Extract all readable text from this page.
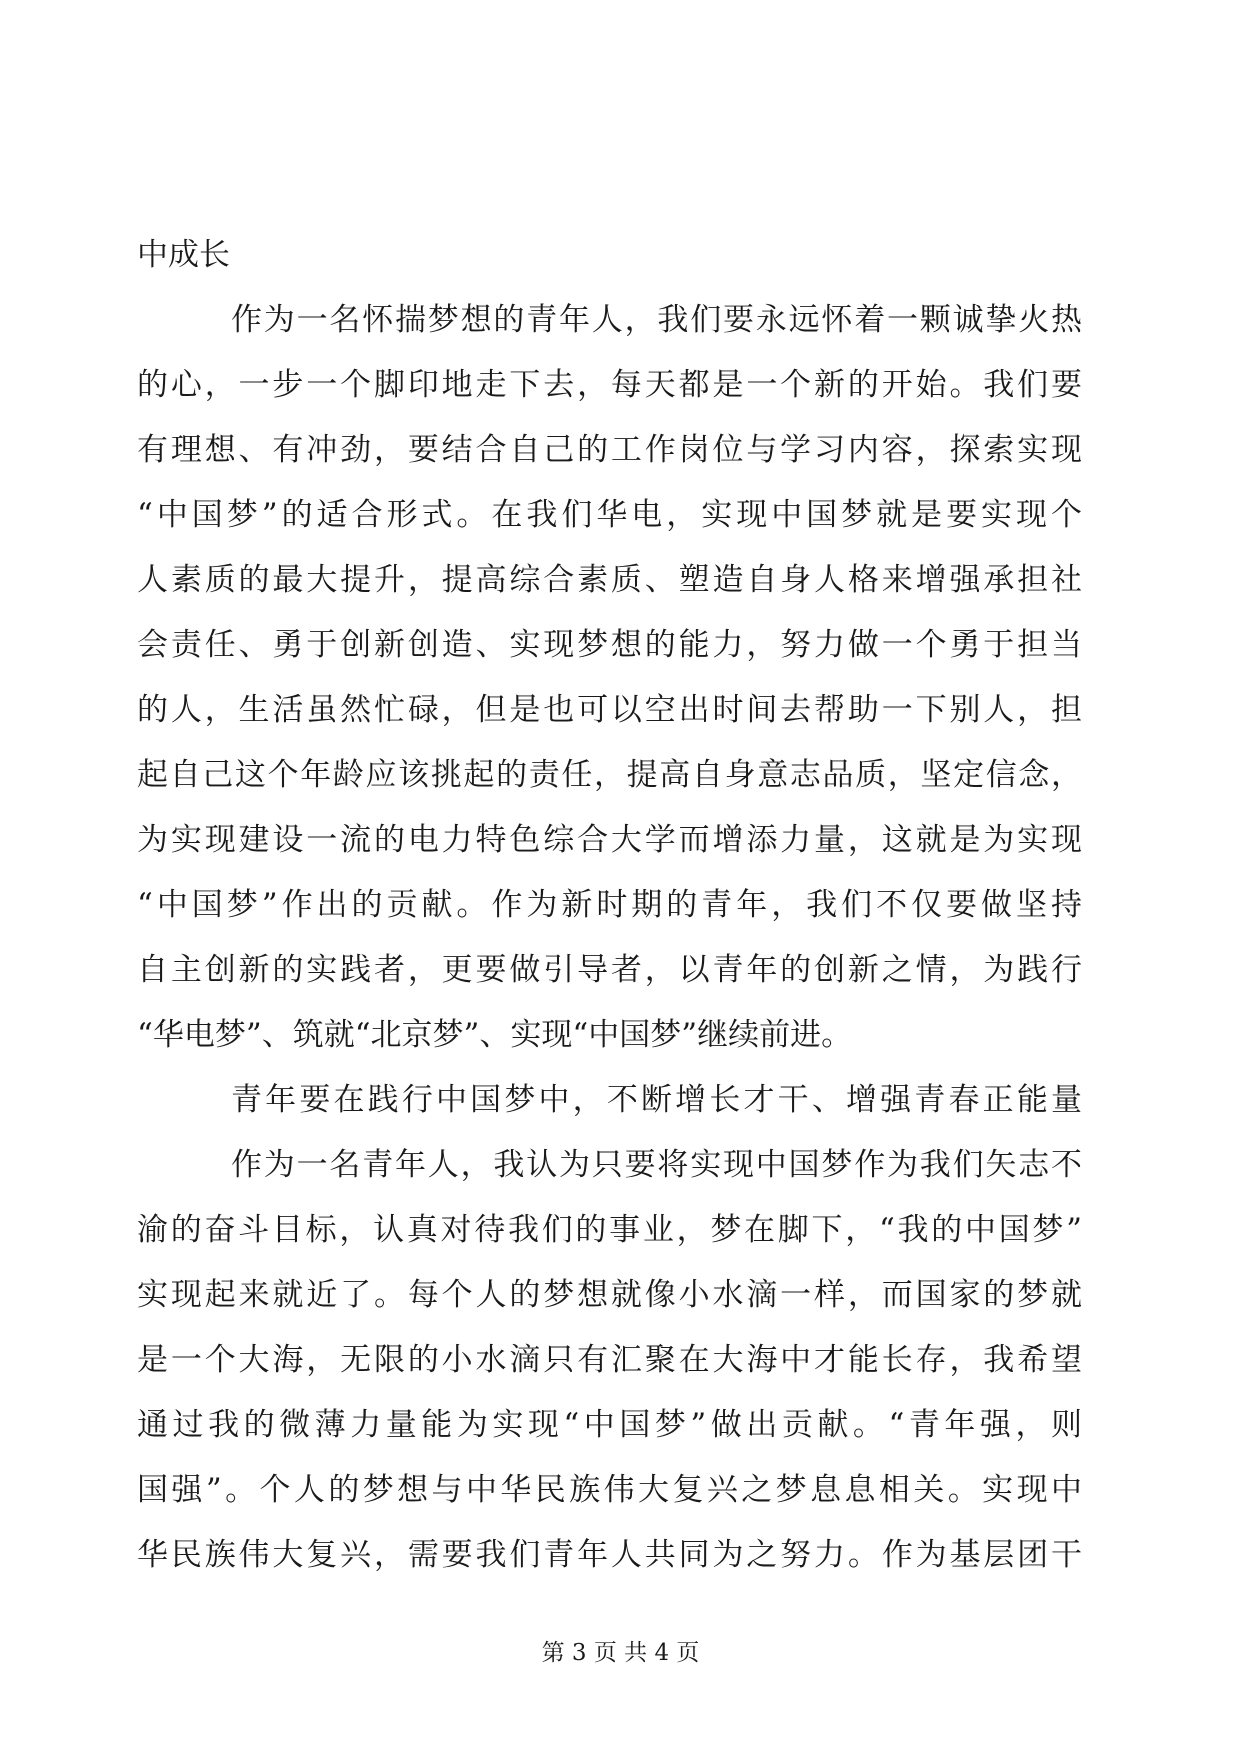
中成长
作为一名怀揣梦想的青年人，我们要永远怀着一颗诚挚火热
的心，一步一个脚印地走下去，每天都是一个新的开始。我们要
有理想、有冲劲，要结合自己的工作岗位与学习内容，探索实现
“中国梦”的适合形式。在我们华电，实现中国梦就是要实现个
人素质的最大提升，提高综合素质、塑造自身人格来增强承担社
会责任、勇于创新创造、实现梦想的能力，努力做一个勇于担当
的人，生活虽然忙碌，但是也可以空出时间去帮助一下别人，担
起自己这个年龄应该挑起的责任，提高自身意志品质，坚定信念，
为实现建设一流的电力特色综合大学而增添力量，这就是为实现
“中国梦”作出的贡献。作为新时期的青年，我们不仅要做坚持
自主创新的实践者，更要做引导者，以青年的创新之情，为践行
“华电梦”、筑就“北京梦”、实现“中国梦”继续前进。
青年要在践行中国梦中，不断增长才干、增强青春正能量
作为一名青年人，我认为只要将实现中国梦作为我们矢志不
渝的奋斗目标，认真对待我们的事业，梦在脚下，“我的中国梦”
实现起来就近了。每个人的梦想就像小水滴一样，而国家的梦就
是一个大海，无限的小水滴只有汇聚在大海中才能长存，我希望
通过我的微薄力量能为实现“中国梦”做出贡献。“青年强，则
国强”。个人的梦想与中华民族伟大复兴之梦息息相关。实现中
华民族伟大复兴，需要我们青年人共同为之努力。作为基层团干
第 3 页 共 4 页
